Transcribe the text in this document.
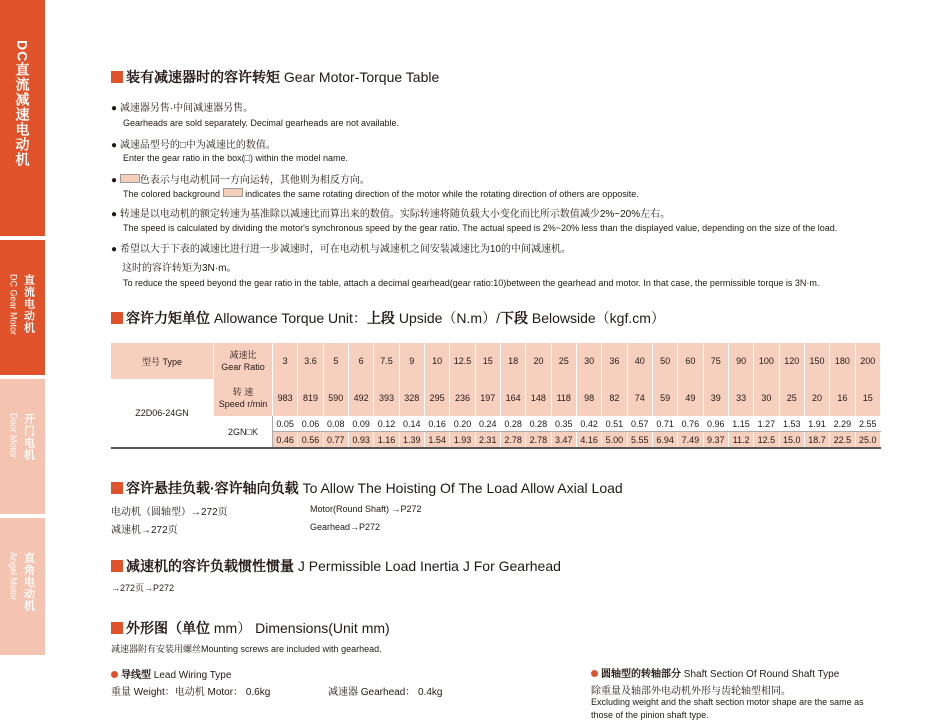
DC直流减速电动机
直流电动机
DC Gear Motor
开门电机
Door Motor
直角电动机
Angel Motor
装有减速器时的容许转矩 Gear Motor-Torque Table
● 减速器另售·中间减速器另售。
Gearheads are sold separately. Decimal gearheads are not available.
● 减速品型号的□中为减速比的数值。
Enter the gear ratio in the box(□) within the model name.
● 色表示与电动机同一方向运转，其他则为相反方向。
The colored background	indicates the same rotating direction of the motor while the rotating direction of others are opposite.
● 转速是以电动机的额定转速为基准除以减速比而算出来的数值。实际转速将随负载大小变化而比所示数值减少2%~20%左右。
The speed is calculated by dividing the motor's synchronous speed by the gear ratio. The actual speed is 2%~20% less than the displayed value, depending on the size of the load.
● 希望以大于下表的减速比进行进一步减速时，可在电动机与减速机之间安装减速比为10的中间减速机。
这时的容许转矩为3N·m。
To reduce the speed beyond the gear ratio in the table, attach a decimal gearhead(gear ratio:10)between the gearhead and motor. In that case, the permissible torque is 3N·m.
容许力矩单位 Allowance Torque Unit：上段 Upside（N.m）/下段 Belowside（kgf.cm）
型号 Type	减速比
Gear Ratio	3	3.6	5	6	7.5	9	10	12.5	15	18	20	25	30	36	40	50	60	75	90	100	120	150	180	200
Z2D06-24GN	转 速
Speed r/min	983	819	590	492	393	328	295	236	197	164	148	118	98	82	74	59	49	39	33	30	25	20	16	15
	2GN□K	0.05	0.06	0.08	0.09	0.12	0.14	0.16	0.20	0.24	0.28	0.28	0.35	0.42	0.51	0.57	0.71	0.76	0.96	1.15	1.27	1.53	1.91	2.29	2.55
		0.46	0.56	0.77	0.93	1.16	1.39	1.54	1.93	2.31	2.78	2.78	3.47	4.16	5.00	5.55	6.94	7.49	9.37	11.2	12.5	15.0	18.7	22.5	25.0
容许悬挂负载·容许轴向负载 To Allow The Hoisting Of The Load Allow Axial Load
电动机（圆轴型）→272页	Motor(Round Shaft) →P272
减速机→272页	Gearhead→P272
减速机的容许负载惯性惯量 J Permissible Load Inertia J For Gearhead
→272页→P272
外形图（单位 mm） Dimensions(Unit mm)
减速器附有安装用螺丝Mounting screws are included with gearhead.
导线型 Lead Wiring Type
重量 Weight：电动机 Motor： 0.6kg	减速器 Gearhead： 0.4kg
圆轴型的转轴部分 Shaft Section Of Round Shaft Type
除重量及轴部外电动机外形与齿轮轴型相同。
Excluding weight and the shaft section motor shape are the same as
those of the pinion shaft type.
